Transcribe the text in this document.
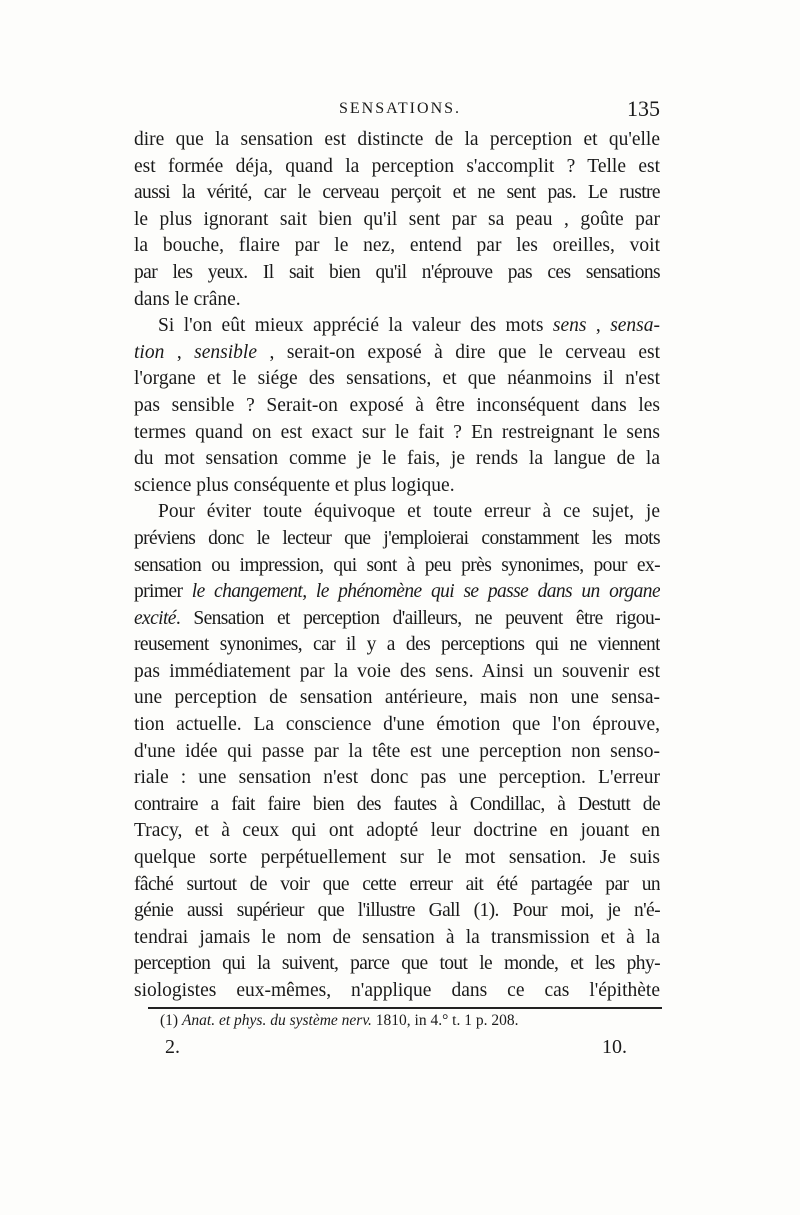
SENSATIONS.	135
dire que la sensation est distincte de la perception et qu'elle
est formée déja, quand la perception s'accomplit ? Telle est
aussi la vérité, car le cerveau perçoit et ne sent pas. Le rustre
le plus ignorant sait bien qu'il sent par sa peau , goûte par
la bouche, flaire par le nez, entend par les oreilles, voit
par les yeux. Il sait bien qu'il n'éprouve pas ces sensations
dans le crâne.
Si l'on eût mieux apprécié la valeur des mots sens , sensa-
tion , sensible , serait-on exposé à dire que le cerveau est
l'organe et le siége des sensations, et que néanmoins il n'est
pas sensible ? Serait-on exposé à être inconséquent dans les
termes quand on est exact sur le fait ? En restreignant le sens
du mot sensation comme je le fais, je rends la langue de la
science plus conséquente et plus logique.
Pour éviter toute équivoque et toute erreur à ce sujet, je
préviens donc le lecteur que j'emploierai constamment les mots
sensation ou impression, qui sont à peu près synonimes, pour ex-
primer le changement, le phénomène qui se passe dans un organe
excité. Sensation et perception d'ailleurs, ne peuvent être rigou-
reusement synonimes, car il y a des perceptions qui ne viennent
pas immédiatement par la voie des sens. Ainsi un souvenir est
une perception de sensation antérieure, mais non une sensa-
tion actuelle. La conscience d'une émotion que l'on éprouve,
d'une idée qui passe par la tête est une perception non senso-
riale : une sensation n'est donc pas une perception. L'erreur
contraire a fait faire bien des fautes à Condillac, à Destutt de
Tracy, et à ceux qui ont adopté leur doctrine en jouant en
quelque sorte perpétuellement sur le mot sensation. Je suis
fâché surtout de voir que cette erreur ait été partagée par un
génie aussi supérieur que l'illustre Gall (1). Pour moi, je n'é-
tendrai jamais le nom de sensation à la transmission et à la
perception qui la suivent, parce que tout le monde, et les phy-
siologistes eux-mêmes, n'applique dans ce cas l'épithète
(1) Anat. et phys. du système nerv. 1810, in 4.° t. 1 p. 208.
2.	10.
